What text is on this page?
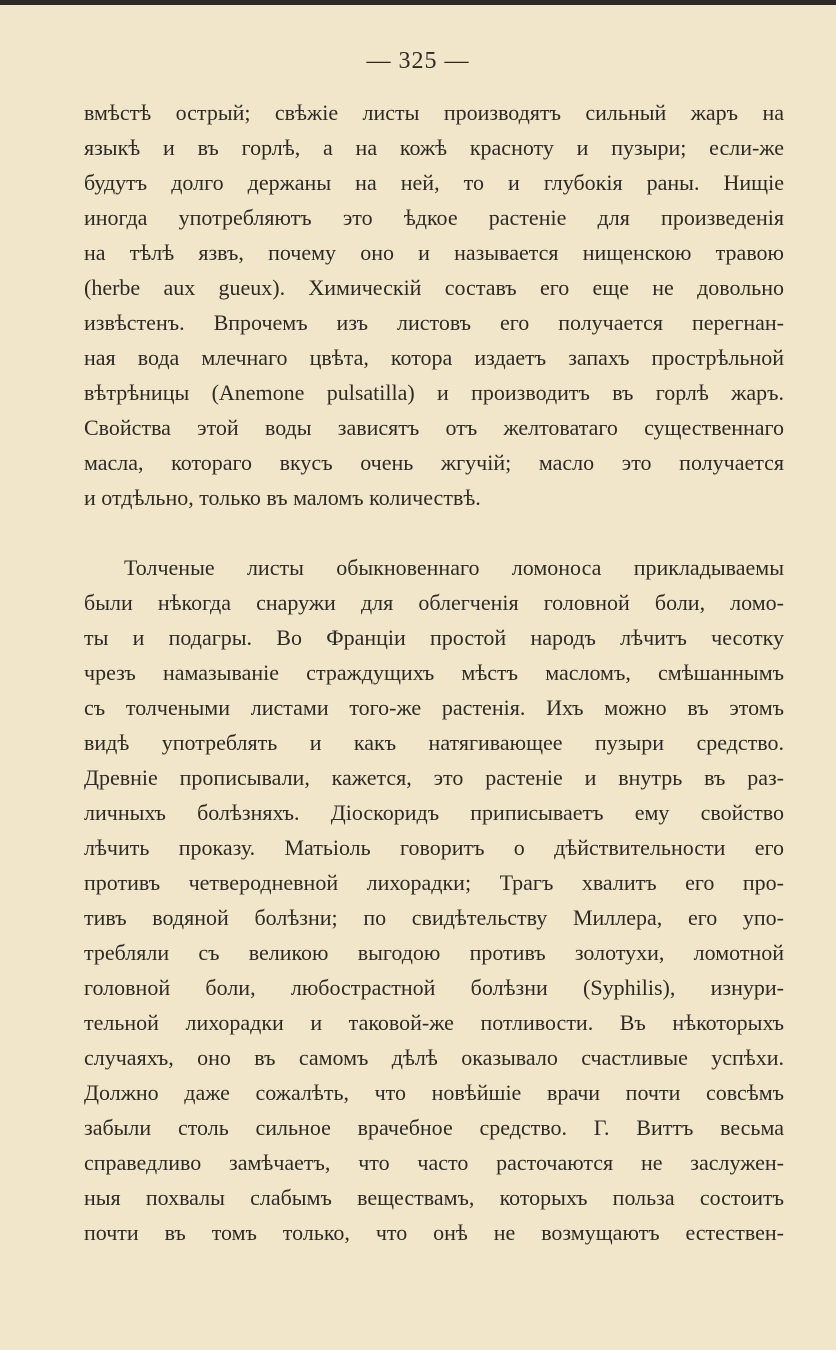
— 325 —
вмѣстѣ острый; свѣжіе листы производятъ сильный жаръ на
языкѣ и въ горлѣ, а на кожѣ красноту и пузыри; если-же
будутъ долго держаны на ней, то и глубокія раны. Нищіе
иногда употребляютъ это ѣдкое растеніе для произведенія
на тѣлѣ язвъ, почему оно и называется нищенскою травою
(herbe aux gueux). Химическій составъ его еще не довольно
извѣстенъ. Впрочемъ изъ листовъ его получается перегнан-
ная вода млечнаго цвѣта, котора издаетъ запахъ прострѣльной
вѣтрѣницы (Anemone pulsatilla) и производитъ въ горлѣ жаръ.
Свойства этой воды зависятъ отъ желтоватаго существеннаго
масла, котораго вкусъ очень жгучій; масло это получается
и отдѣльно, только въ маломъ количествѣ.
Толченые листы обыкновеннаго ломоноса прикладываемы
были нѣкогда снаружи для облегченія головной боли, ломо-
ты и подагры. Во Франціи простой народъ лѣчитъ чесотку
чрезъ намазываніе страждущихъ мѣстъ масломъ, смѣшаннымъ
съ толчеными листами того-же растенія. Ихъ можно въ этомъ
видѣ употреблять и какъ натягивающее пузыри средство.
Древніе прописывали, кажется, это растеніе и внутрь въ раз-
личныхъ болѣзняхъ. Діоскоридъ приписываетъ ему свойство
лѣчить проказу. Матьіоль говоритъ о дѣйствительности его
противъ четверодневной лихорадки; Трагъ хвалитъ его про-
тивъ водяной болѣзни; по свидѣтельству Миллера, его упо-
требляли съ великою выгодою противъ золотухи, ломотной
головной боли, любострастной болѣзни (Syphilis), изнури-
тельной лихорадки и таковой-же потливости. Въ нѣкоторыхъ
случаяхъ, оно въ самомъ дѣлѣ оказывало счастливые успѣхи.
Должно даже сожалѣть, что новѣйшіе врачи почти совсѣмъ
забыли столь сильное врачебное средство. Г. Виттъ весьма
справедливо замѣчаетъ, что часто расточаются не заслужен-
ныя похвалы слабымъ веществамъ, которыхъ польза состоитъ
почти въ томъ только, что онѣ не возмущаютъ естествен-
